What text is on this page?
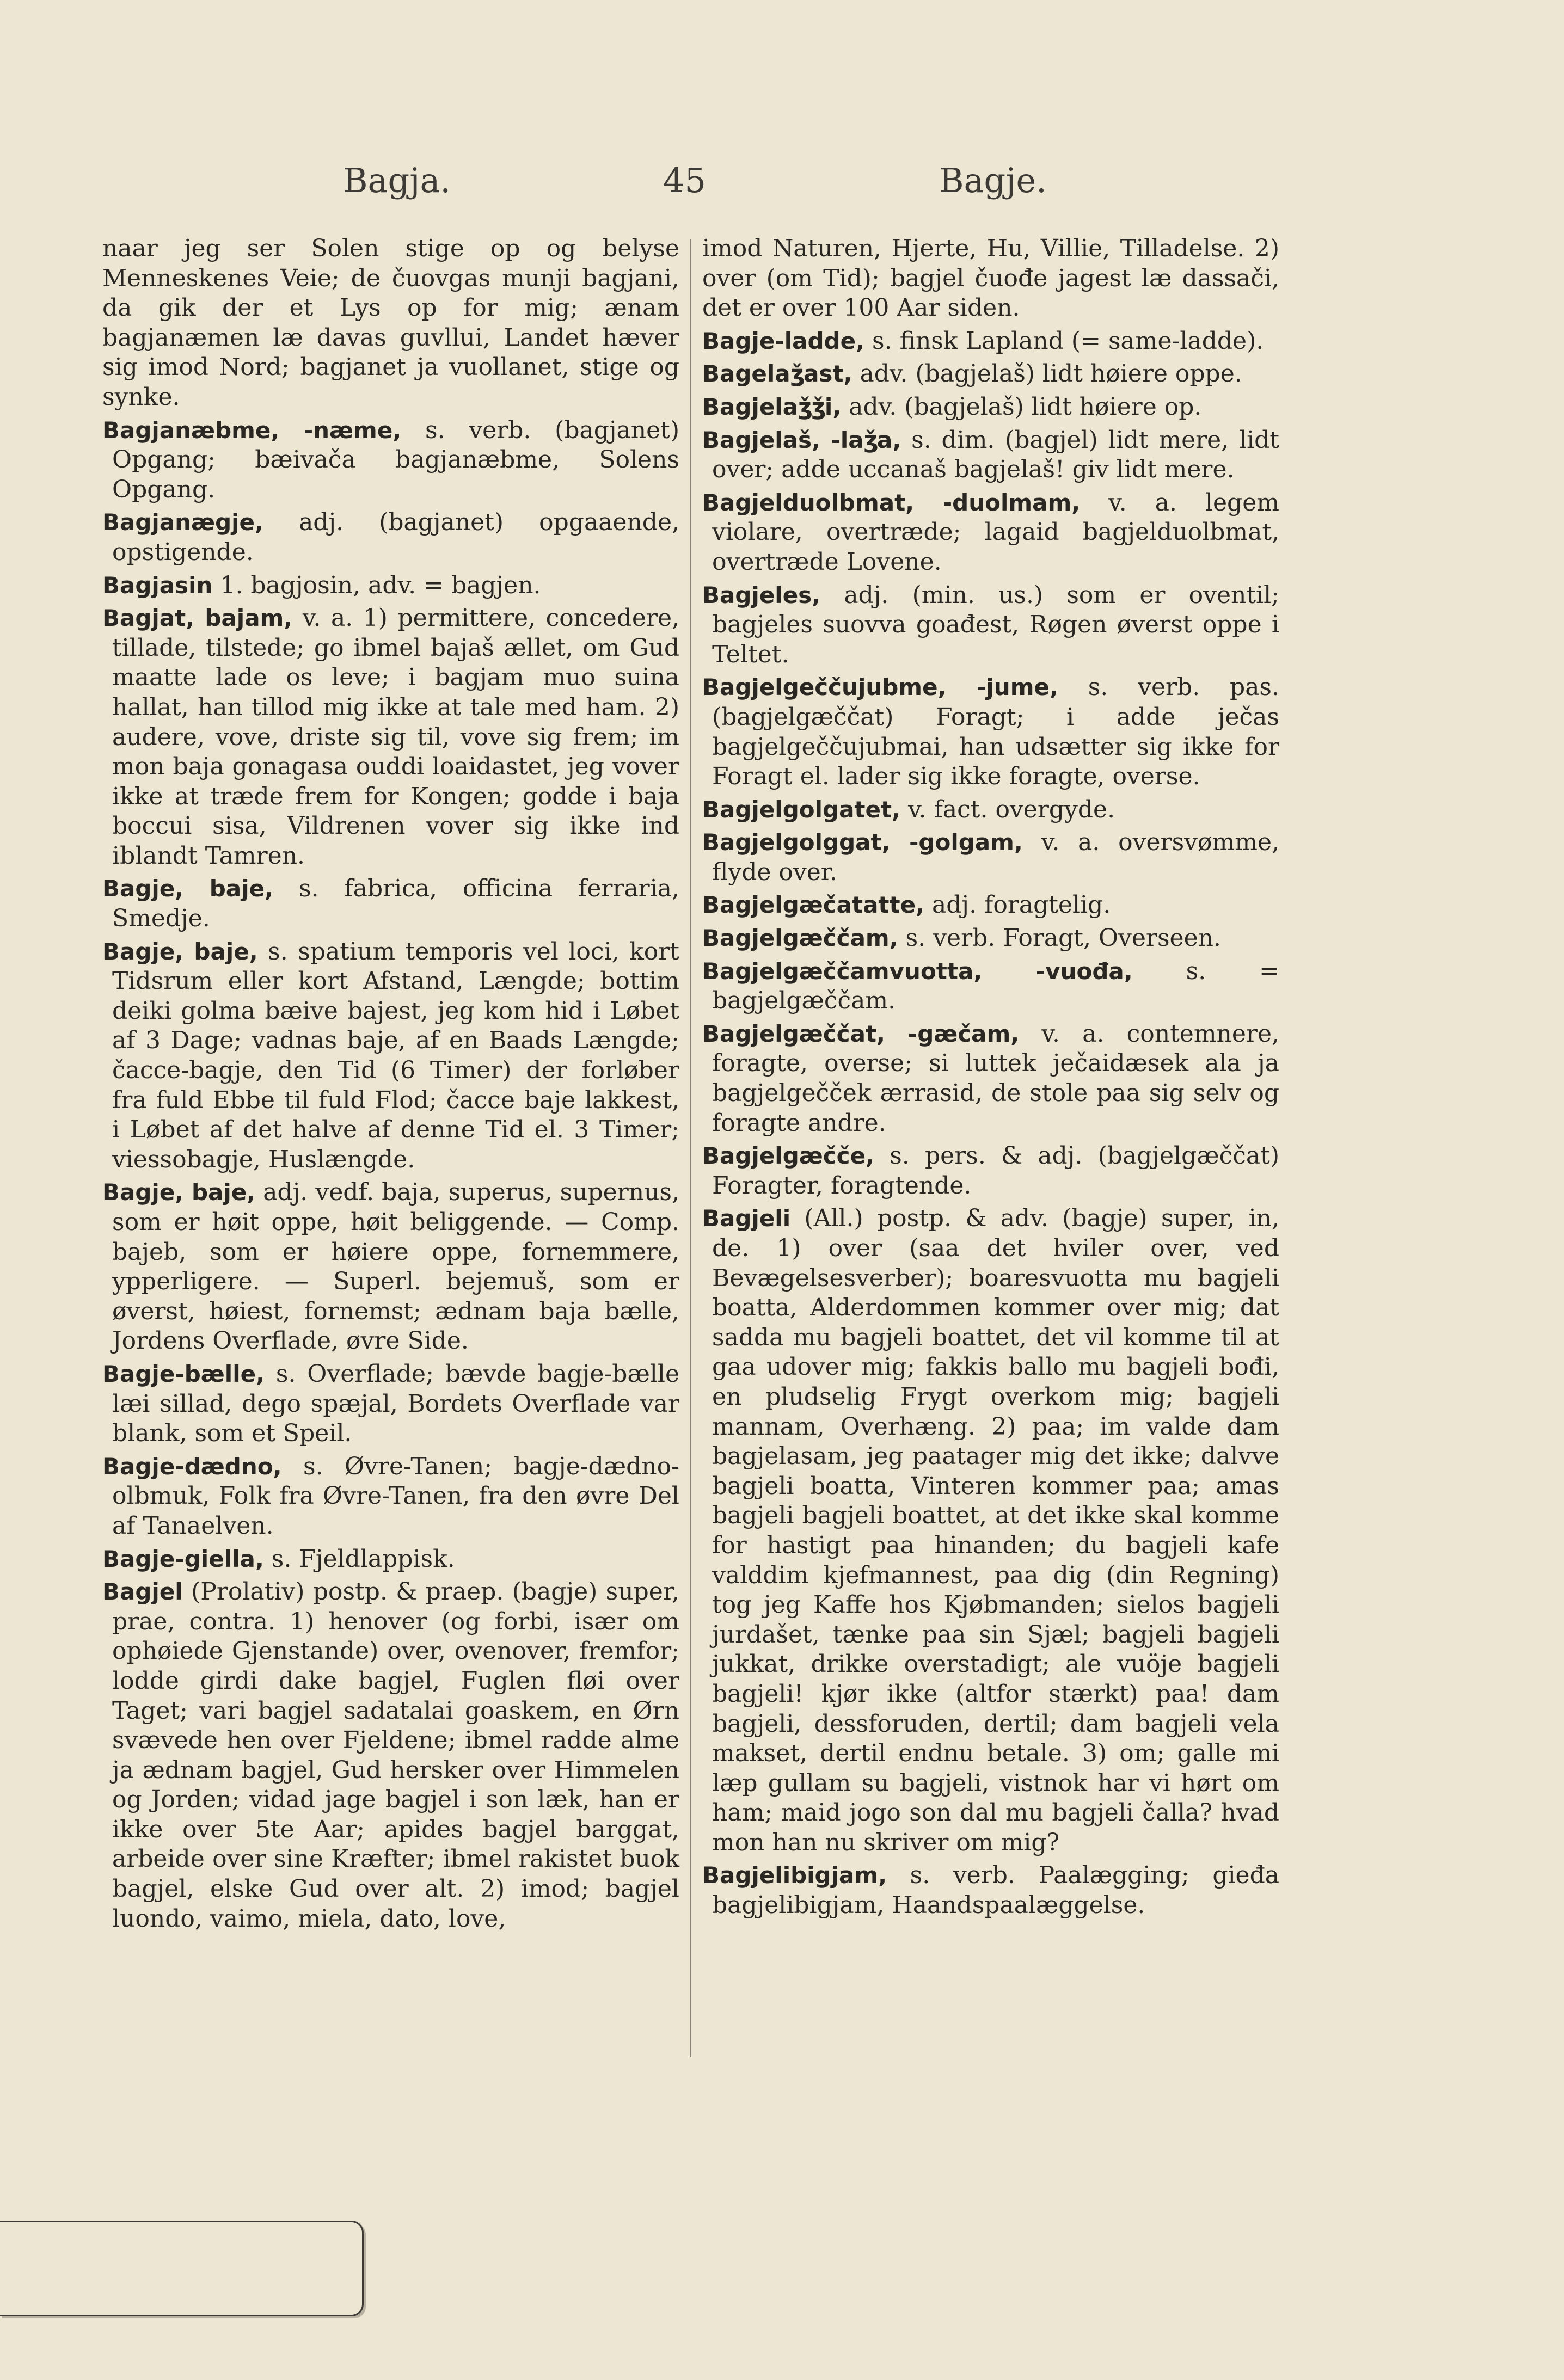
Bagja.	45	Bagje.

naar jeg ser Solen stige op og belyse Menneskenes Veie; de čuovgas munji bagjani, da gik der et Lys op for mig; ænam bagjanæmen læ davas guvllui, Landet hæver sig imod Nord; bagjanet ja vuollanet, stige og synke.

Bagjanæbme, -næme, s. verb. (bagjanet) Opgang; bæivača bagjanæbme, Solens Opgang.

Bagjanægje, adj. (bagjanet) opgaaende, opstigende.

Bagjasin 1. bagjosin, adv. = bagjen.

Bagjat, bajam, v. a. 1) permittere, concedere, tillade, tilstede; go ibmel bajaš ællet, om Gud maatte lade os leve; i bagjam muo suina hallat, han tillod mig ikke at tale med ham. 2) audere, vove, driste sig til, vove sig frem; im mon baja gonagasa ouddi loaidastet, jeg vover ikke at træde frem for Kongen; godde i baja boccui sisa, Vildrenen vover sig ikke ind iblandt Tamren.

Bagje, baje, s. fabrica, officina ferraria, Smedje.

Bagje, baje, s. spatium temporis vel loci, kort Tidsrum eller kort Afstand, Længde; bottim deiki golma bæive bajest, jeg kom hid i Løbet af 3 Dage; vadnas baje, af en Baads Længde; čacce-bagje, den Tid (6 Timer) der forløber fra fuld Ebbe til fuld Flod; čacce baje lakkest, i Løbet af det halve af denne Tid el. 3 Timer; viessobagje, Huslængde.

Bagje, baje, adj. vedf. baja, superus, supernus, som er høit oppe, høit beliggende. — Comp. bajeb, som er høiere oppe, fornemmere, ypperligere. — Superl. bejemuš, som er øverst, høiest, fornemst; ædnam baja bælle, Jordens Overflade, øvre Side.

Bagje-bælle, s. Overflade; bævde bagje-bælle læi sillad, dego spæjal, Bordets Overflade var blank, som et Speil.

Bagje-dædno, s. Øvre-Tanen; bagje-dædno-olbmuk, Folk fra Øvre-Tanen, fra den øvre Del af Tanaelven.

Bagje-giella, s. Fjeldlappisk.

Bagjel (Prolativ) postp. & praep. (bagje) super, prae, contra. 1) henover (og forbi, især om ophøiede Gjenstande) over, ovenover, fremfor; lodde girdi dake bagjel, Fuglen fløi over Taget; vari bagjel sadatalai goaskem, en Ørn svævede hen over Fjeldene; ibmel radde alme ja ædnam bagjel, Gud hersker over Himmelen og Jorden; vidad jage bagjel i son læk, han er ikke over 5te Aar; apides bagjel barggat, arbeide over sine Kræfter; ibmel rakistet buok bagjel, elske Gud over alt. 2) imod; bagjel luondo, vaimo, miela, dato, love,

imod Naturen, Hjerte, Hu, Villie, Tilladelse. 2) over (om Tid); bagjel čuođe jagest læ dassači, det er over 100 Aar siden.

Bagje-ladde, s. finsk Lapland (= same-ladde).

Bagelaǯast, adv. (bagjelaš) lidt høiere oppe.

Bagjelaǯǯi, adv. (bagjelaš) lidt høiere op.

Bagjelaš, -laǯa, s. dim. (bagjel) lidt mere, lidt over; adde uccanaš bagjelaš! giv lidt mere.

Bagjelduolbmat, -duolmam, v. a. legem violare, overtræde; lagaid bagjelduolbmat, overtræde Lovene.

Bagjeles, adj. (min. us.) som er oventil; bagjeles suovva goađest, Røgen øverst oppe i Teltet.

Bagjelgeččujubme, -jume, s. verb. pas. (bagjelgæččat) Foragt; i adde ječas bagjelgeččujubmai, han udsætter sig ikke for Foragt el. lader sig ikke foragte, overse.

Bagjelgolgatet, v. fact. overgyde.

Bagjelgolggat, -golgam, v. a. oversvømme, flyde over.

Bagjelgæčatatte, adj. foragtelig.

Bagjelgæččam, s. verb. Foragt, Overseen.

Bagjelgæččamvuotta, -vuođa, s. = bagjelgæččam.

Bagjelgæččat, -gæčam, v. a. contemnere, foragte, overse; si luttek ječaidæsek ala ja bagjelgečček ærrasid, de stole paa sig selv og foragte andre.

Bagjelgæčče, s. pers. & adj. (bagjelgæččat) Foragter, foragtende.

Bagjeli (All.) postp. & adv. (bagje) super, in, de. 1) over (saa det hviler over, ved Bevægelsesverber); boaresvuotta mu bagjeli boatta, Alderdommen kommer over mig; dat sadda mu bagjeli boattet, det vil komme til at gaa udover mig; fakkis ballo mu bagjeli bođi, en pludselig Frygt overkom mig; bagjeli mannam, Overhæng. 2) paa; im valde dam bagjelasam, jeg paatager mig det ikke; dalvve bagjeli boatta, Vinteren kommer paa; amas bagjeli bagjeli boattet, at det ikke skal komme for hastigt paa hinanden; du bagjeli kafe valddim kjefmannest, paa dig (din Regning) tog jeg Kaffe hos Kjøbmanden; sielos bagjeli jurdašet, tænke paa sin Sjæl; bagjeli bagjeli jukkat, drikke overstadigt; ale vuöje bagjeli bagjeli! kjør ikke (altfor stærkt) paa! dam bagjeli, dessforuden, dertil; dam bagjeli vela makset, dertil endnu betale. 3) om; galle mi læp gullam su bagjeli, vistnok har vi hørt om ham; maid jogo son dal mu bagjeli čalla? hvad mon han nu skriver om mig?

Bagjelibigjam, s. verb. Paalægging; gieđa bagjelibigjam, Haandspaalæggelse.
